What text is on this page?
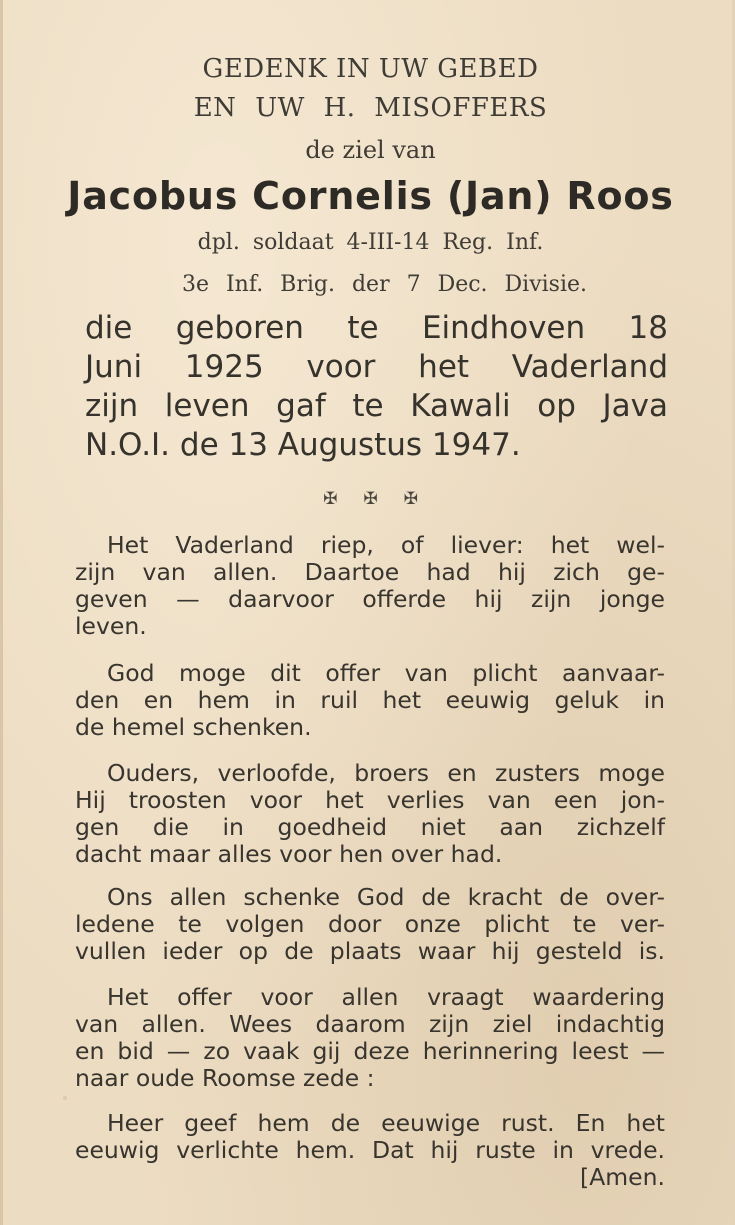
GEDENK IN UW GEBED
EN UW H. MISOFFERS
de ziel van
Jacobus Cornelis (Jan) Roos
dpl. soldaat 4-III-14 Reg. Inf.
3e Inf. Brig. der 7 Dec. Divisie.
die geboren te Eindhoven 18
Juni 1925 voor het Vaderland
zijn leven gaf te Kawali op Java
N.O.I. de 13 Augustus 1947.
✠✠✠
Het Vaderland riep, of liever: het wel-
zijn van allen. Daartoe had hij zich ge-
geven — daarvoor offerde hij zijn jonge
leven.
God moge dit offer van plicht aanvaar-
den en hem in ruil het eeuwig geluk in
de hemel schenken.
Ouders, verloofde, broers en zusters moge
Hij troosten voor het verlies van een jon-
gen die in goedheid niet aan zichzelf
dacht maar alles voor hen over had.
Ons allen schenke God de kracht de over-
ledene te volgen door onze plicht te ver-
vullen ieder op de plaats waar hij gesteld is.
Het offer voor allen vraagt waardering
van allen. Wees daarom zijn ziel indachtig
en bid — zo vaak gij deze herinnering leest —
naar oude Roomse zede :
Heer geef hem de eeuwige rust. En het
eeuwig verlichte hem. Dat hij ruste in vrede.
[Amen.
